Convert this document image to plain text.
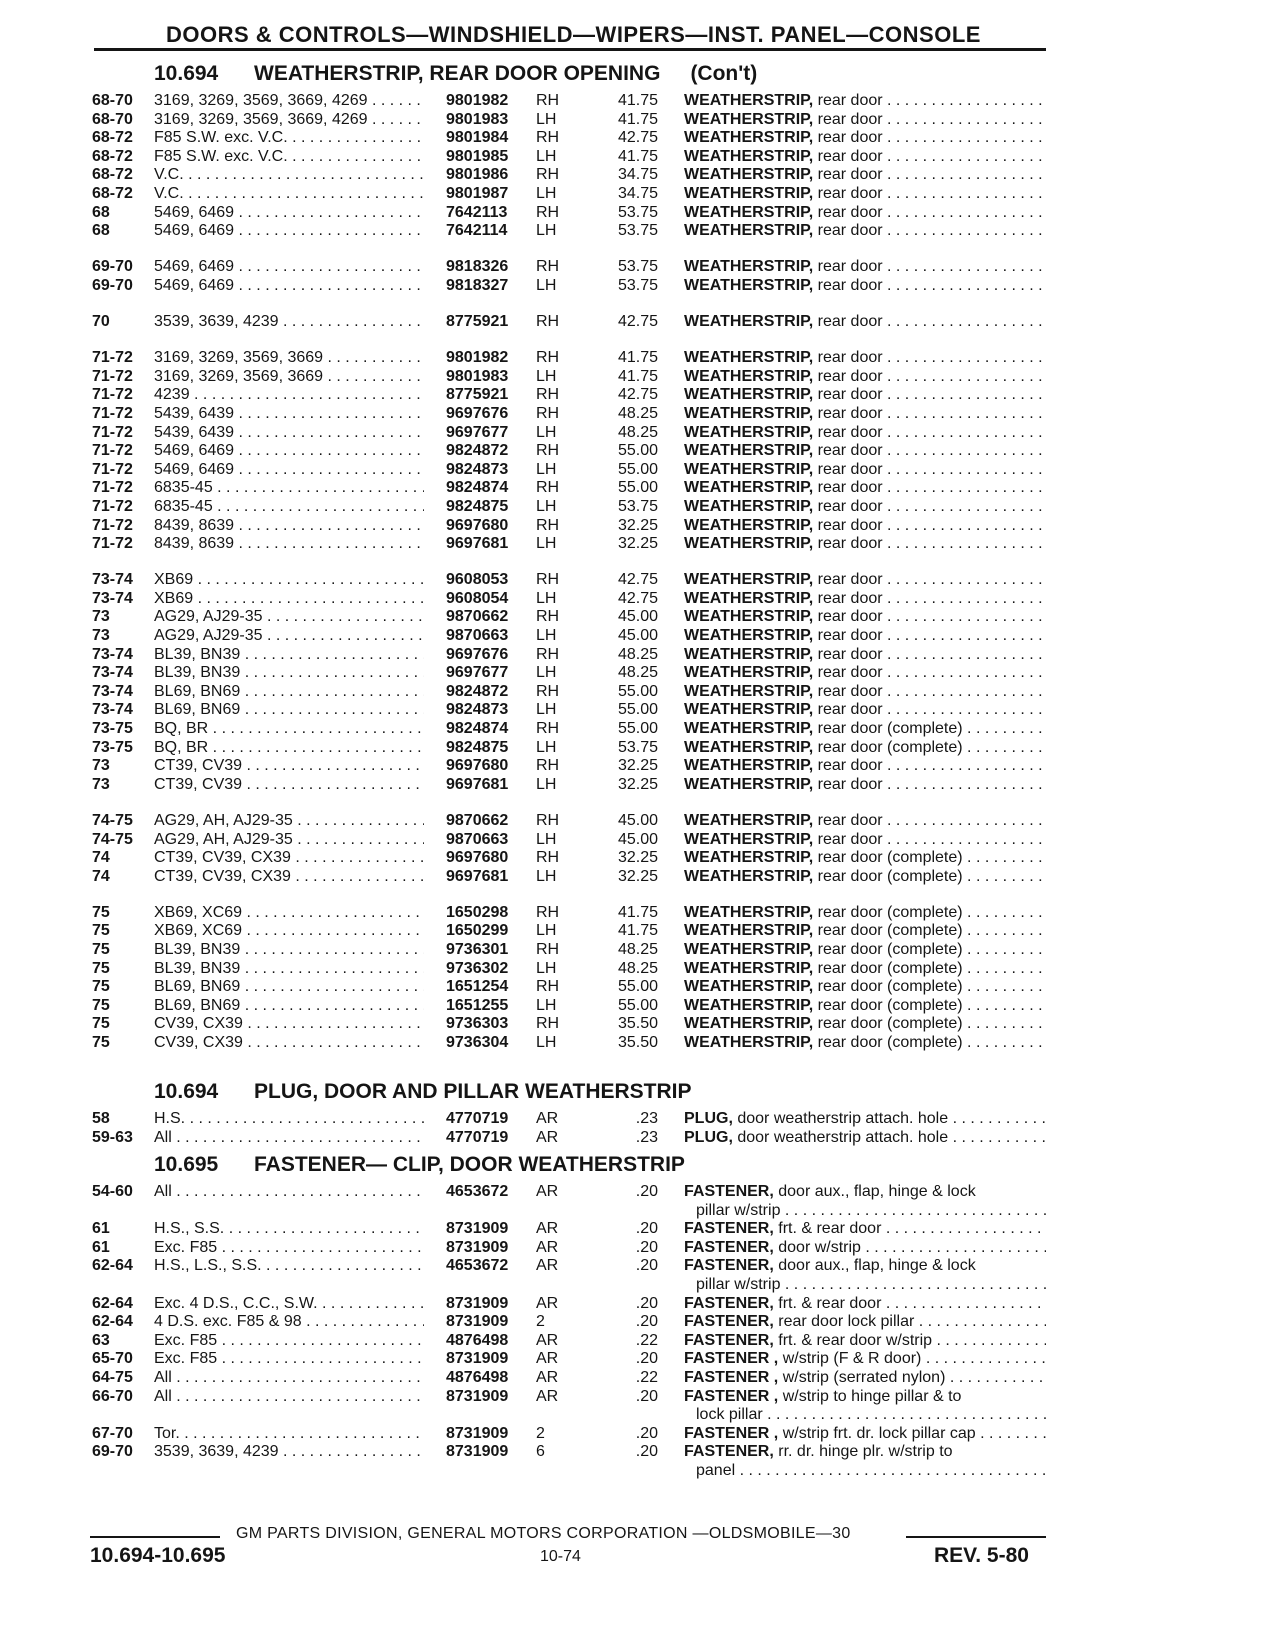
DOORS & CONTROLS—WINDSHIELD—WIPERS—INST. PANEL—CONSOLE
10.694 WEATHERSTRIP, REAR DOOR OPENING (Con't)
68-70	3169, 3269, 3569, 3669, 4269 . . .	9801982	RH	41.75 WEATHERSTRIP, rear door . . .
68-70	3169, 3269, 3569, 3669, 4269 . . .	9801983	LH	41.75 WEATHERSTRIP, rear door . . .
68-72	F85 S.W. exc. V.C. . . .	9801984	RH	42.75 WEATHERSTRIP, rear door . . .
68-72	F85 S.W. exc. V.C. . . .	9801985	LH	41.75 WEATHERSTRIP, rear door . . .
68-72	V.C. . . .	9801986	RH	34.75 WEATHERSTRIP, rear door . . .
68-72	V.C. . . .	9801987	LH	34.75 WEATHERSTRIP, rear door . . .
68	5469, 6469 . . .	7642113	RH	53.75 WEATHERSTRIP, rear door . . .
68	5469, 6469 . . .	7642114	LH	53.75 WEATHERSTRIP, rear door . . .
69-70	5469, 6469 . . .	9818326	RH	53.75 WEATHERSTRIP, rear door . . .
69-70	5469, 6469 . . .	9818327	LH	53.75 WEATHERSTRIP, rear door . . .
70	3539, 3639, 4239 . . .	8775921	RH	42.75 WEATHERSTRIP, rear door . . .
71-72	3169, 3269, 3569, 3669 . . .	9801982	RH	41.75 WEATHERSTRIP, rear door . . .
71-72	3169, 3269, 3569, 3669 . . .	9801983	LH	41.75 WEATHERSTRIP, rear door . . .
71-72	4239 . . .	8775921	RH	42.75 WEATHERSTRIP, rear door . . .
71-72	5439, 6439 . . .	9697676	RH	48.25 WEATHERSTRIP, rear door . . .
71-72	5439, 6439 . . .	9697677	LH	48.25 WEATHERSTRIP, rear door . . .
71-72	5469, 6469 . . .	9824872	RH	55.00 WEATHERSTRIP, rear door . . .
71-72	5469, 6469 . . .	9824873	LH	55.00 WEATHERSTRIP, rear door . . .
71-72	6835-45 . . .	9824874	RH	55.00 WEATHERSTRIP, rear door . . .
71-72	6835-45 . . .	9824875	LH	53.75 WEATHERSTRIP, rear door . . .
71-72	8439, 8639 . . .	9697680	RH	32.25 WEATHERSTRIP, rear door . . .
71-72	8439, 8639 . . .	9697681	LH	32.25 WEATHERSTRIP, rear door . . .
73-74	XB69 . . .	9608053	RH	42.75 WEATHERSTRIP, rear door . . .
73-74	XB69 . . .	9608054	LH	42.75 WEATHERSTRIP, rear door . . .
73	AG29, AJ29-35 . . .	9870662	RH	45.00 WEATHERSTRIP, rear door . . .
73	AG29, AJ29-35 . . .	9870663	LH	45.00 WEATHERSTRIP, rear door . . .
73-74	BL39, BN39 . . .	9697676	RH	48.25 WEATHERSTRIP, rear door . . .
73-74	BL39, BN39 . . .	9697677	LH	48.25 WEATHERSTRIP, rear door . . .
73-74	BL69, BN69 . . .	9824872	RH	55.00 WEATHERSTRIP, rear door . . .
73-74	BL69, BN69 . . .	9824873	LH	55.00 WEATHERSTRIP, rear door . . .
73-75	BQ, BR . . .	9824874	RH	55.00 WEATHERSTRIP, rear door (complete) . . .
73-75	BQ, BR . . .	9824875	LH	53.75 WEATHERSTRIP, rear door (complete) . . .
73	CT39, CV39 . . .	9697680	RH	32.25 WEATHERSTRIP, rear door . . .
73	CT39, CV39 . . .	9697681	LH	32.25 WEATHERSTRIP, rear door . . .
74-75	AG29, AH, AJ29-35 . . .	9870662	RH	45.00 WEATHERSTRIP, rear door . . .
74-75	AG29, AH, AJ29-35 . . .	9870663	LH	45.00 WEATHERSTRIP, rear door . . .
74	CT39, CV39, CX39 . . .	9697680	RH	32.25 WEATHERSTRIP, rear door (complete) . . .
74	CT39, CV39, CX39 . . .	9697681	LH	32.25 WEATHERSTRIP, rear door (complete) . . .
75	XB69, XC69 . . .	1650298	RH	41.75 WEATHERSTRIP, rear door (complete) . . .
75	XB69, XC69 . . .	1650299	LH	41.75 WEATHERSTRIP, rear door (complete) . . .
75	BL39, BN39 . . .	9736301	RH	48.25 WEATHERSTRIP, rear door (complete) . . .
75	BL39, BN39 . . .	9736302	LH	48.25 WEATHERSTRIP, rear door (complete) . . .
75	BL69, BN69 . . .	1651254	RH	55.00 WEATHERSTRIP, rear door (complete) . . .
75	BL69, BN69 . . .	1651255	LH	55.00 WEATHERSTRIP, rear door (complete) . . .
75	CV39, CX39 . . .	9736303	RH	35.50 WEATHERSTRIP, rear door (complete) . . .
75	CV39, CX39 . . .	9736304	LH	35.50 WEATHERSTRIP, rear door (complete) . . .
10.694 PLUG, DOOR AND PILLAR WEATHERSTRIP
58	H.S. . . .	4770719	AR	.23 PLUG, door weatherstrip attach. hole . . .
59-63	All . . .	4770719	AR	.23 PLUG, door weatherstrip attach. hole . . .
10.695 FASTENER— CLIP, DOOR WEATHERSTRIP
54-60	All . . .	4653672	AR	.20 FASTENER, door aux., flap, hinge & lock
pillar w/strip . . .
61	H.S., S.S. . . .	8731909	AR	.20 FASTENER, frt. & rear door . . .
61	Exc. F85 . . .	8731909	AR	.20 FASTENER, door w/strip . . .
62-64	H.S., L.S., S.S. . . .	4653672	AR	.20 FASTENER, door aux., flap, hinge & lock
pillar w/strip . . .
62-64	Exc. 4 D.S., C.C., S.W. . . .	8731909	AR	.20 FASTENER, frt. & rear door . . .
62-64	4 D.S. exc. F85 & 98 . . .	8731909	2	.20 FASTENER, rear door lock pillar . . .
63	Exc. F85 . . .	4876498	AR	.22 FASTENER, frt. & rear door w/strip . . .
65-70	Exc. F85 . . .	8731909	AR	.20 FASTENER , w/strip (F & R door) . . .
64-75	All . . .	4876498	AR	.22 FASTENER , w/strip (serrated nylon) . . .
66-70	All . . .	8731909	AR	.20 FASTENER , w/strip to hinge pillar & to
lock pillar . . .
67-70	Tor. . . .	8731909	2	.20 FASTENER , w/strip frt. dr. lock pillar cap . . . .
69-70	3539, 3639, 4239 . . .	8731909	6	.20 FASTENER, rr. dr. hinge plr. w/strip to
panel . . .
GM PARTS DIVISION, GENERAL MOTORS CORPORATION —OLDSMOBILE—30
10.694-10.695	10-74	REV. 5-80
